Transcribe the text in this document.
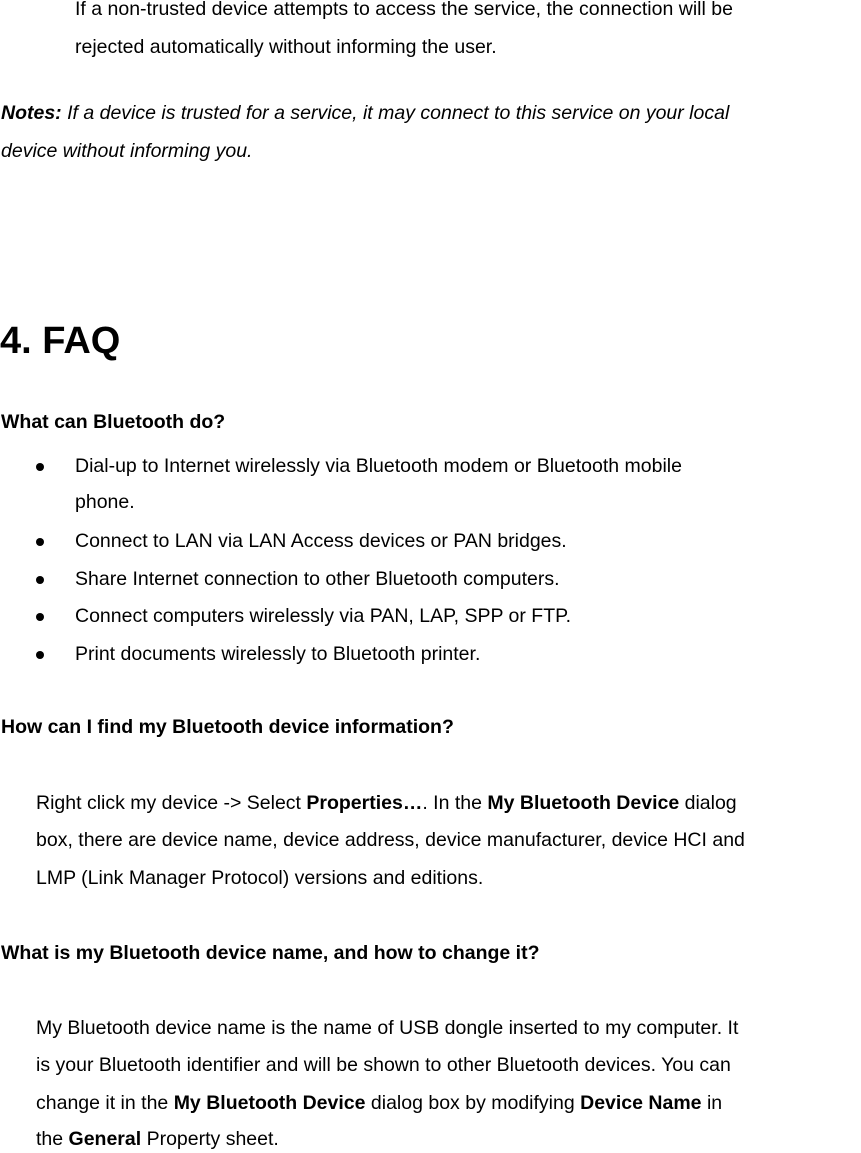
If a non-trusted device attempts to access the service, the connection will be
rejected automatically without informing the user.
Notes: If a device is trusted for a service, it may connect to this service on your local
device without informing you.
4. FAQ
What can Bluetooth do?
Dial-up to Internet wirelessly via Bluetooth modem or Bluetooth mobile
phone.
Connect to LAN via LAN Access devices or PAN bridges.
Share Internet connection to other Bluetooth computers.
Connect computers wirelessly via PAN, LAP, SPP or FTP.
Print documents wirelessly to Bluetooth printer.
How can I find my Bluetooth device information?
Right click my device -> Select Properties…. In the My Bluetooth Device dialog
box, there are device name, device address, device manufacturer, device HCI and
LMP (Link Manager Protocol) versions and editions.
What is my Bluetooth device name, and how to change it?
My Bluetooth device name is the name of USB dongle inserted to my computer. It
is your Bluetooth identifier and will be shown to other Bluetooth devices. You can
change it in the My Bluetooth Device dialog box by modifying Device Name in
the General Property sheet.
